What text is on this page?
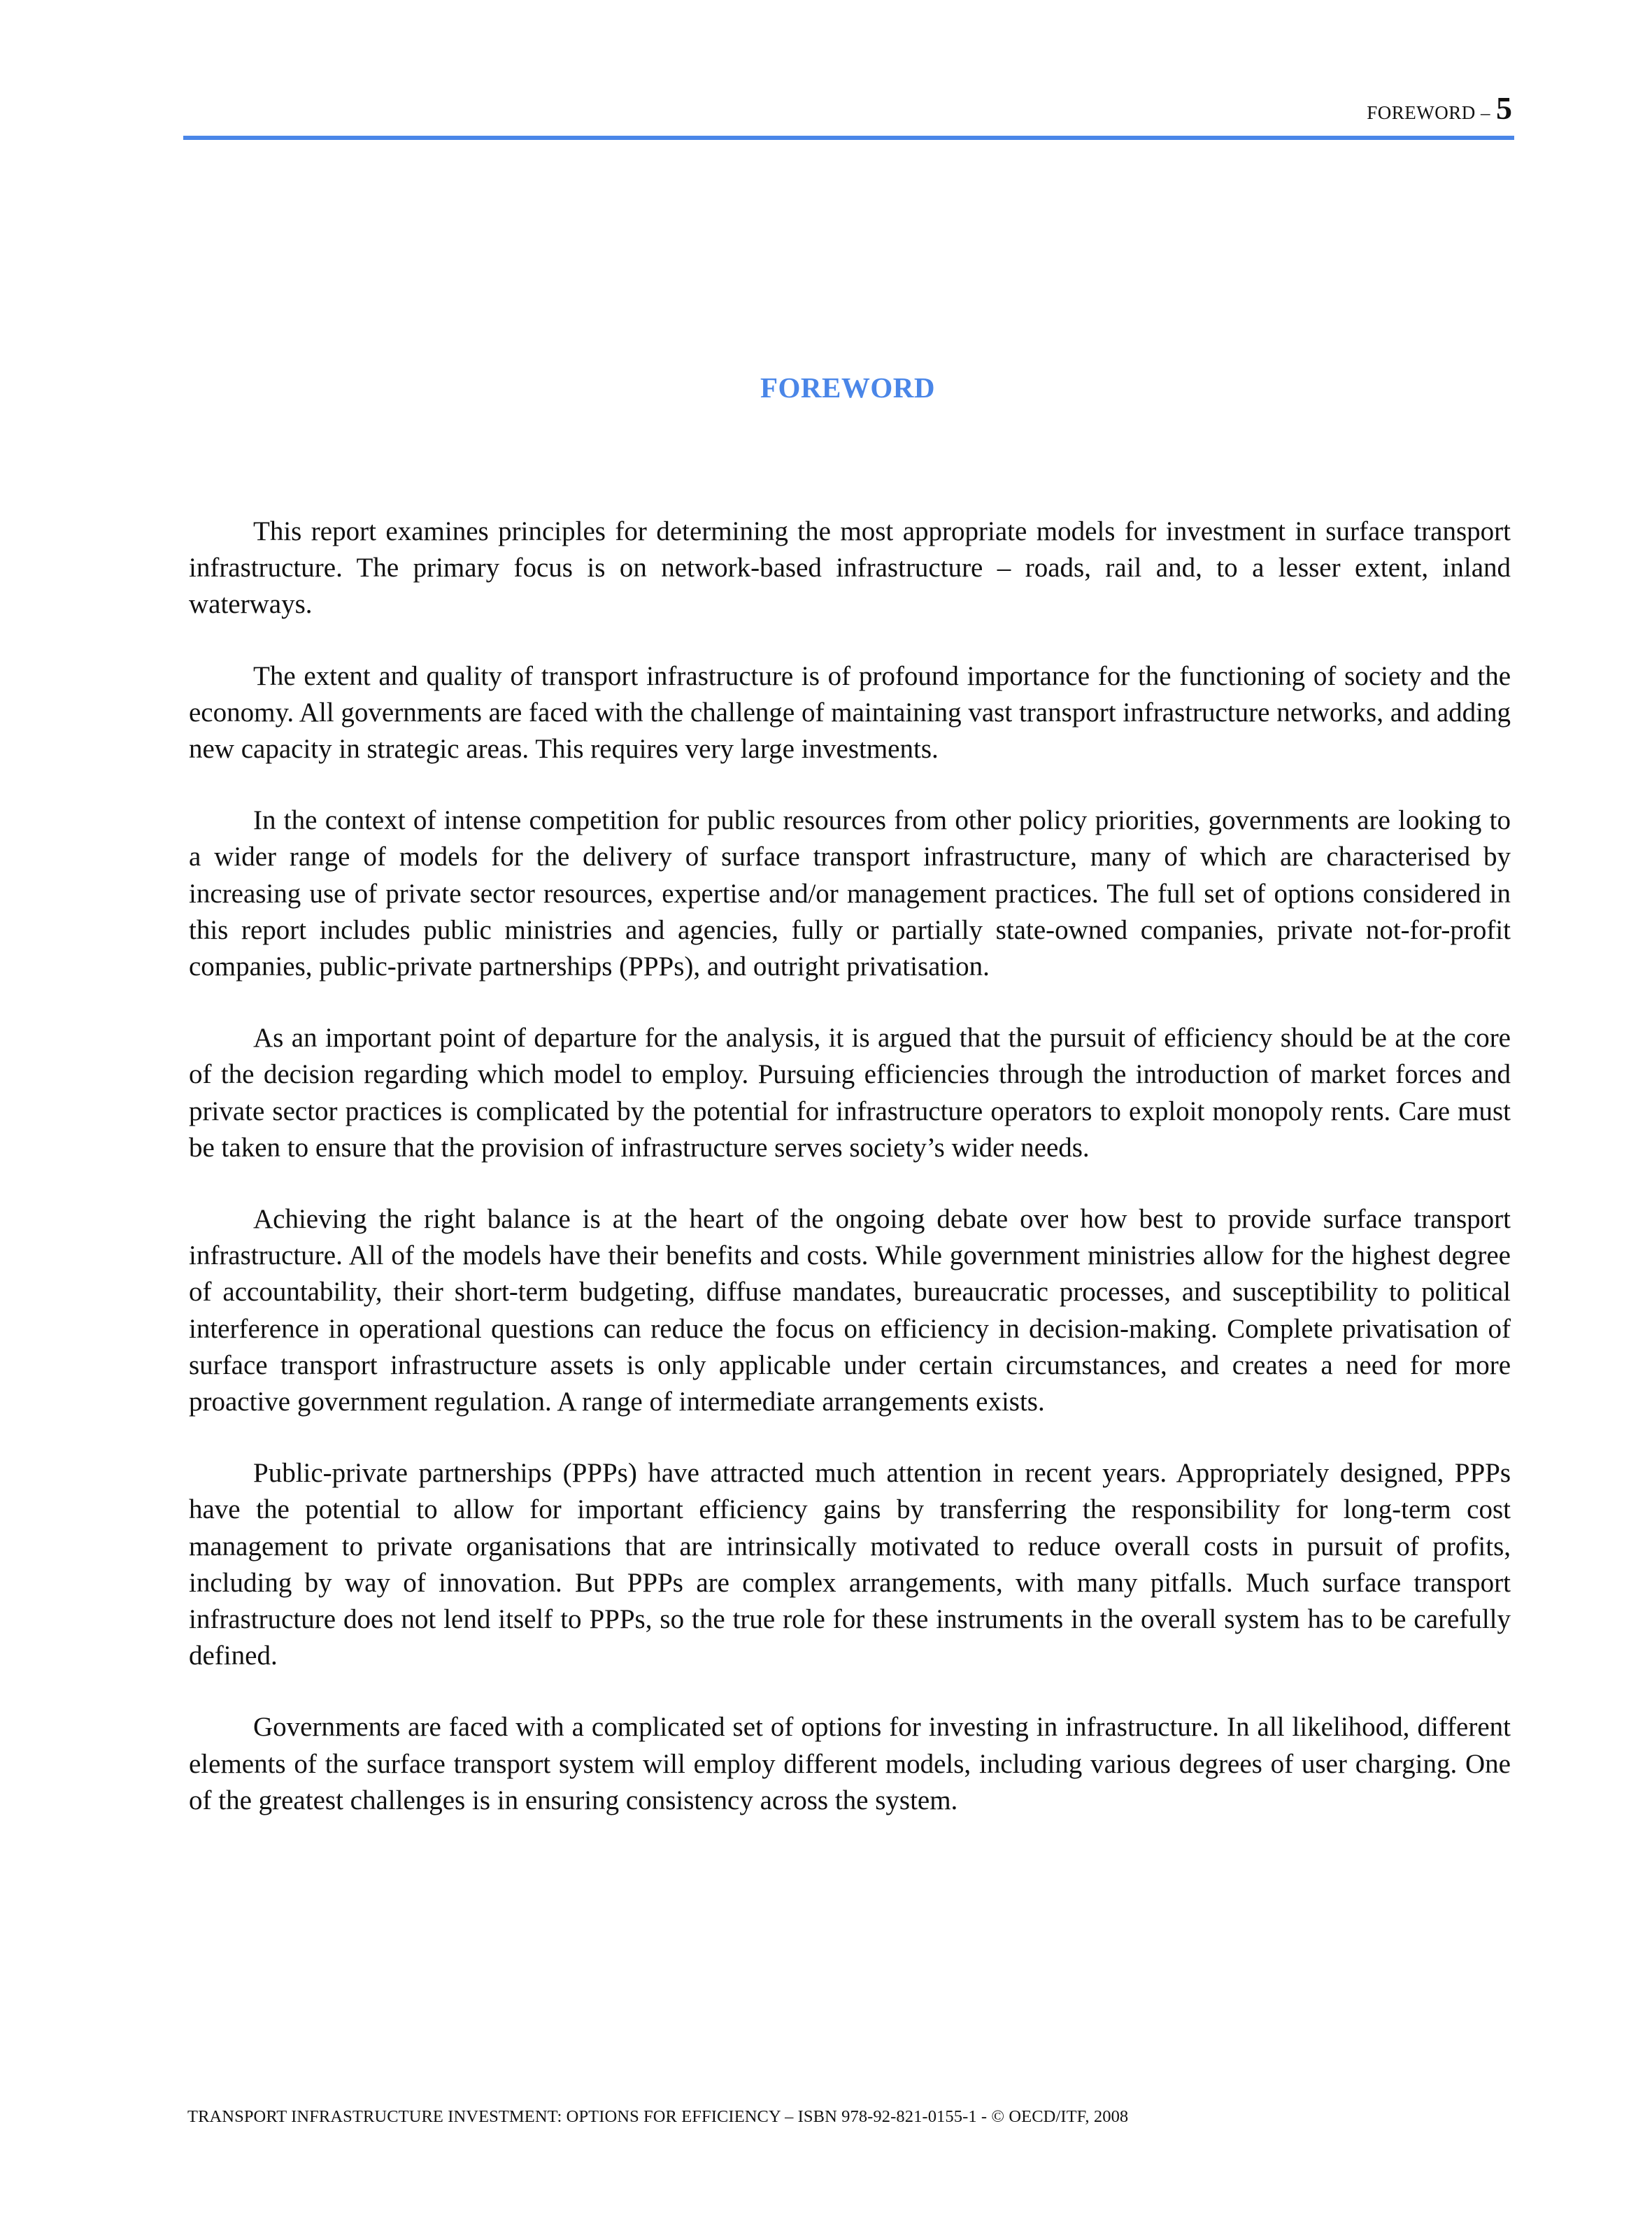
FOREWORD – 5
FOREWORD

This report examines principles for determining the most appropriate models for investment in surface transport infrastructure. The primary focus is on network-based infrastructure – roads, rail and, to a lesser extent, inland waterways.

The extent and quality of transport infrastructure is of profound importance for the functioning of society and the economy. All governments are faced with the challenge of maintaining vast transport infrastructure networks, and adding new capacity in strategic areas. This requires very large investments.

In the context of intense competition for public resources from other policy priorities, governments are looking to a wider range of models for the delivery of surface transport infrastructure, many of which are characterised by increasing use of private sector resources, expertise and/or management practices. The full set of options considered in this report includes public ministries and agencies, fully or partially state-owned companies, private not-for-profit companies, public-private partnerships (PPPs), and outright privatisation.

As an important point of departure for the analysis, it is argued that the pursuit of efficiency should be at the core of the decision regarding which model to employ. Pursuing efficiencies through the introduction of market forces and private sector practices is complicated by the potential for infrastructure operators to exploit monopoly rents. Care must be taken to ensure that the provision of infrastructure serves society’s wider needs.

Achieving the right balance is at the heart of the ongoing debate over how best to provide surface transport infrastructure. All of the models have their benefits and costs. While government ministries allow for the highest degree of accountability, their short-term budgeting, diffuse mandates, bureaucratic processes, and susceptibility to political interference in operational questions can reduce the focus on efficiency in decision-making. Complete privatisation of surface transport infrastructure assets is only applicable under certain circumstances, and creates a need for more proactive government regulation. A range of intermediate arrangements exists.

Public-private partnerships (PPPs) have attracted much attention in recent years. Appropriately designed, PPPs have the potential to allow for important efficiency gains by transferring the responsibility for long-term cost management to private organisations that are intrinsically motivated to reduce overall costs in pursuit of profits, including by way of innovation. But PPPs are complex arrangements, with many pitfalls. Much surface transport infrastructure does not lend itself to PPPs, so the true role for these instruments in the overall system has to be carefully defined.

Governments are faced with a complicated set of options for investing in infrastructure. In all likelihood, different elements of the surface transport system will employ different models, including various degrees of user charging. One of the greatest challenges is in ensuring consistency across the system.

TRANSPORT INFRASTRUCTURE INVESTMENT: OPTIONS FOR EFFICIENCY – ISBN 978-92-821-0155-1 - © OECD/ITF, 2008
